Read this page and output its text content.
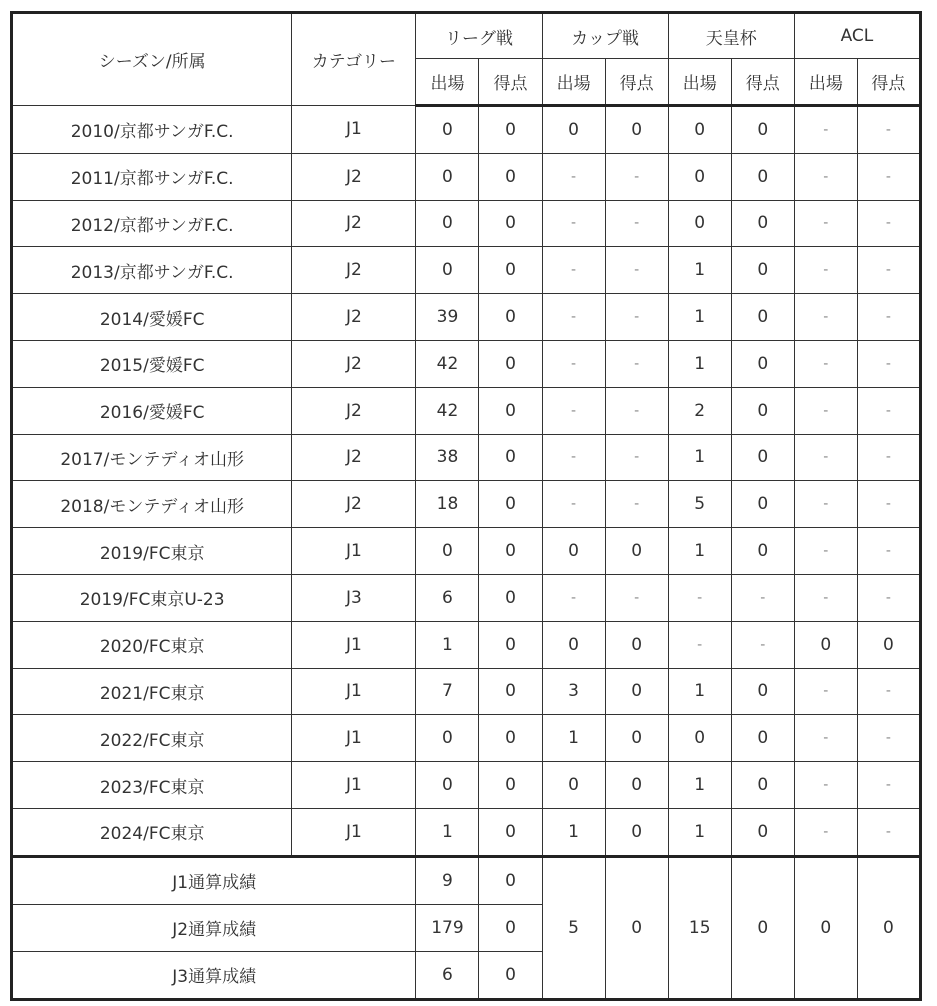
シーズン/所属	カテゴリー	リーグ戦		カップ戦		天皇杯		ACL	
		出場	得点	出場	得点	出場	得点	出場	得点
2010/京都サンガF.C.	J1	0	0	0	0	0	0	-	-
2011/京都サンガF.C.	J2	0	0	-	-	0	0	-	-
2012/京都サンガF.C.	J2	0	0	-	-	0	0	-	-
2013/京都サンガF.C.	J2	0	0	-	-	1	0	-	-
2014/愛媛FC	J2	39	0	-	-	1	0	-	-
2015/愛媛FC	J2	42	0	-	-	1	0	-	-
2016/愛媛FC	J2	42	0	-	-	2	0	-	-
2017/モンテディオ山形	J2	38	0	-	-	1	0	-	-
2018/モンテディオ山形	J2	18	0	-	-	5	0	-	-
2019/FC東京	J1	0	0	0	0	1	0	-	-
2019/FC東京U-23	J3	6	0	-	-	-	-	-	-
2020/FC東京	J1	1	0	0	0	-	-	0	0
2021/FC東京	J1	7	0	3	0	1	0	-	-
2022/FC東京	J1	0	0	1	0	0	0	-	-
2023/FC東京	J1	0	0	0	0	1	0	-	-
2024/FC東京	J1	1	0	1	0	1	0	-	-
J1通算成績		9	0	5	0	15	0	0	0
J2通算成績		179	0						
J3通算成績		6	0						
